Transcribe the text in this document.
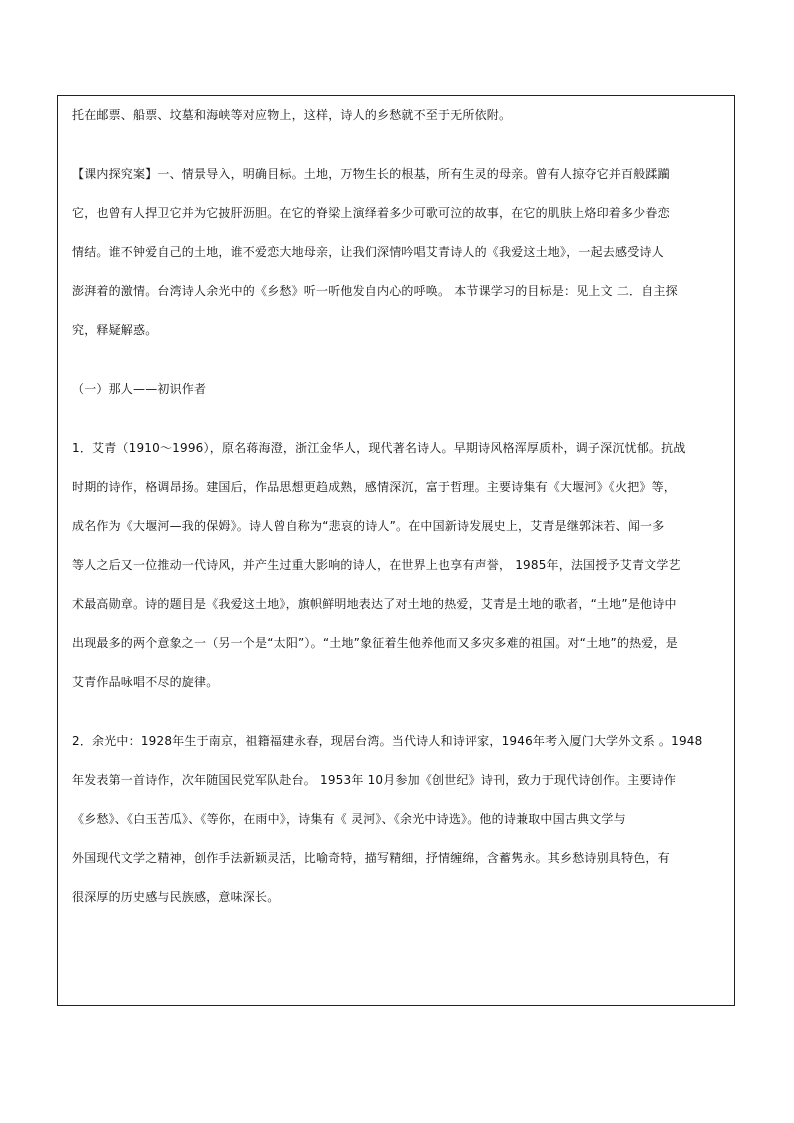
托在邮票、船票、坟墓和海峡等对应物上，这样，诗人的乡愁就不至于无所依附。
【课内探究案】一、情景导入，明确目标。土地，万物生长的根基，所有生灵的母亲。曾有人掠夺它并百般蹂躏
它，也曾有人捍卫它并为它披肝沥胆。在它的脊梁上演绎着多少可歌可泣的故事，在它的肌肤上烙印着多少眷恋
情结。谁不钟爱自己的土地，谁不爱恋大地母亲，让我们深情吟唱艾青诗人的《我爱这土地》，一起去感受诗人
澎湃着的激情。台湾诗人余光中的《乡愁》听一听他发自内心的呼唤。 本节课学习的目标是：见上文 二．自主探
究，释疑解惑。
（一）那人——初识作者
1．艾青（1910～1996），原名蒋海澄，浙江金华人，现代著名诗人。早期诗风格浑厚质朴，调子深沉忧郁。抗战
时期的诗作，格调昂扬。建国后，作品思想更趋成熟，感情深沉，富于哲理。主要诗集有《大堰河》《火把》等，
成名作为《大堰河—我的保姆》。诗人曾自称为“悲哀的诗人”。在中国新诗发展史上，艾青是继郭沫若、闻一多
等人之后又一位推动一代诗风，并产生过重大影响的诗人，在世界上也享有声誉， 1985年，法国授予艾青文学艺
术最高勋章。诗的题目是《我爱这土地》，旗帜鲜明地表达了对土地的热爱，艾青是土地的歌者，“土地”是他诗中
出现最多的两个意象之一（另一个是“太阳”）。“土地”象征着生他养他而又多灾多难的祖国。对“土地”的热爱，是
艾青作品咏唱不尽的旋律。
2．余光中：1928年生于南京，祖籍福建永春，现居台湾。当代诗人和诗评家，1946年考入厦门大学外文系 。1948
年发表第一首诗作，次年随国民党军队赴台。 1953年 10月参加《创世纪》诗刊，致力于现代诗创作。主要诗作
《乡愁》、《白玉苦瓜》、《等你，在雨中》，诗集有《 灵河》、《余光中诗选》。他的诗兼取中国古典文学与
外国现代文学之精神，创作手法新颖灵活，比喻奇特，描写精细，抒情缠绵，含蓄隽永。其乡愁诗别具特色，有
很深厚的历史感与民族感，意味深长。
